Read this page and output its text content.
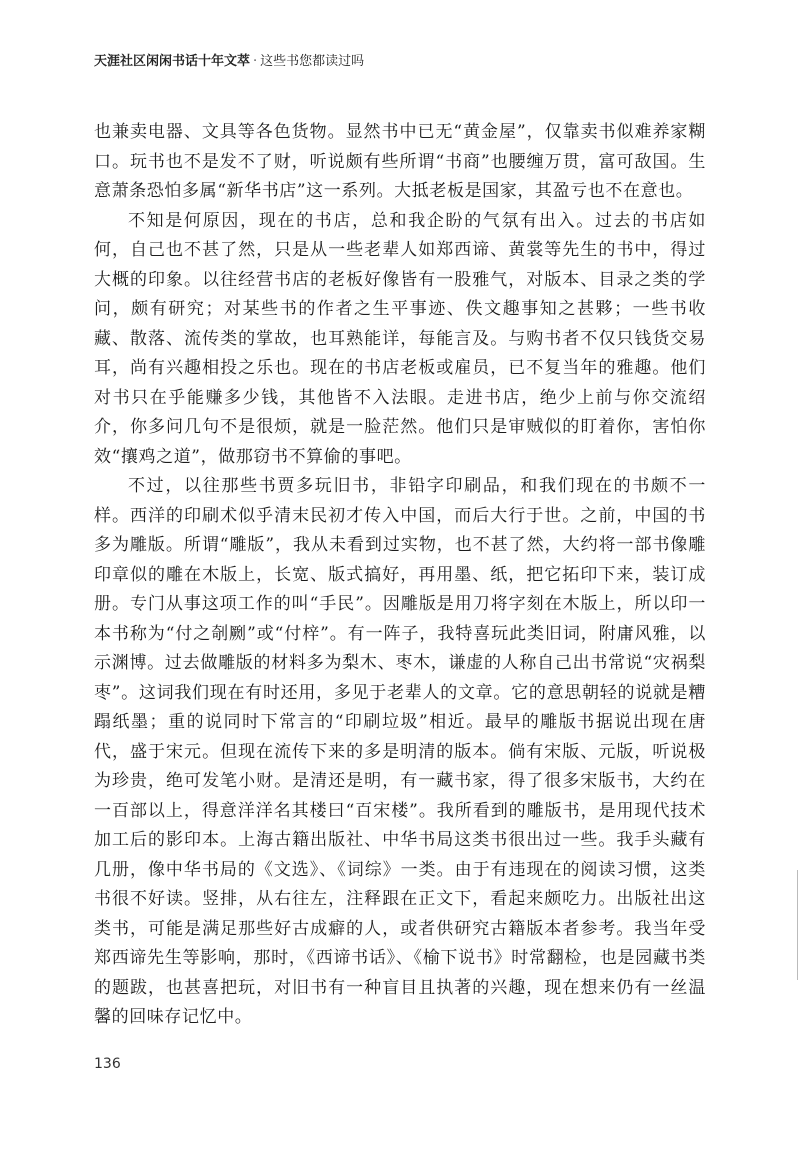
天涯社区闲闲书话十年文萃 · 这些书您都读过吗

也兼卖电器、文具等各色货物。显然书中已无“黄金屋”，仅靠卖书似难养家糊口。玩书也不是发不了财，听说颇有些所谓“书商”也腰缠万贯，富可敌国。生意萧条恐怕多属“新华书店”这一系列。大抵老板是国家，其盈亏也不在意也。

不知是何原因，现在的书店，总和我企盼的气氛有出入。过去的书店如何，自己也不甚了然，只是从一些老辈人如郑西谛、黄裳等先生的书中，得过大概的印象。以往经营书店的老板好像皆有一股雅气，对版本、目录之类的学问，颇有研究；对某些书的作者之生平事迹、佚文趣事知之甚夥；一些书收藏、散落、流传类的掌故，也耳熟能详，每能言及。与购书者不仅只钱货交易耳，尚有兴趣相投之乐也。现在的书店老板或雇员，已不复当年的雅趣。他们对书只在乎能赚多少钱，其他皆不入法眼。走进书店，绝少上前与你交流绍介，你多问几句不是很烦，就是一脸茫然。他们只是审贼似的盯着你，害怕你效“攘鸡之道”，做那窃书不算偷的事吧。

不过，以往那些书贾多玩旧书，非铅字印刷品，和我们现在的书颇不一样。西洋的印刷术似乎清末民初才传入中国，而后大行于世。之前，中国的书多为雕版。所谓“雕版”，我从未看到过实物，也不甚了然，大约将一部书像雕印章似的雕在木版上，长宽、版式搞好，再用墨、纸，把它拓印下来，装订成册。专门从事这项工作的叫“手民”。因雕版是用刀将字刻在木版上，所以印一本书称为“付之剞劂”或“付梓”。有一阵子，我特喜玩此类旧词，附庸风雅，以示渊博。过去做雕版的材料多为梨木、枣木，谦虚的人称自己出书常说“灾祸梨枣”。这词我们现在有时还用，多见于老辈人的文章。它的意思朝轻的说就是糟蹋纸墨；重的说同时下常言的“印刷垃圾”相近。最早的雕版书据说出现在唐代，盛于宋元。但现在流传下来的多是明清的版本。倘有宋版、元版，听说极为珍贵，绝可发笔小财。是清还是明，有一藏书家，得了很多宋版书，大约在一百部以上，得意洋洋名其楼曰“百宋楼”。我所看到的雕版书，是用现代技术加工后的影印本。上海古籍出版社、中华书局这类书很出过一些。我手头藏有几册，像中华书局的《文选》、《词综》一类。由于有违现在的阅读习惯，这类书很不好读。竖排，从右往左，注释跟在正文下，看起来颇吃力。出版社出这类书，可能是满足那些好古成癖的人，或者供研究古籍版本者参考。我当年受郑西谛先生等影响，那时，《西谛书话》、《榆下说书》时常翻检，也是园藏书类的题跋，也甚喜把玩，对旧书有一种盲目且执著的兴趣，现在想来仍有一丝温馨的回味存记忆中。

136
